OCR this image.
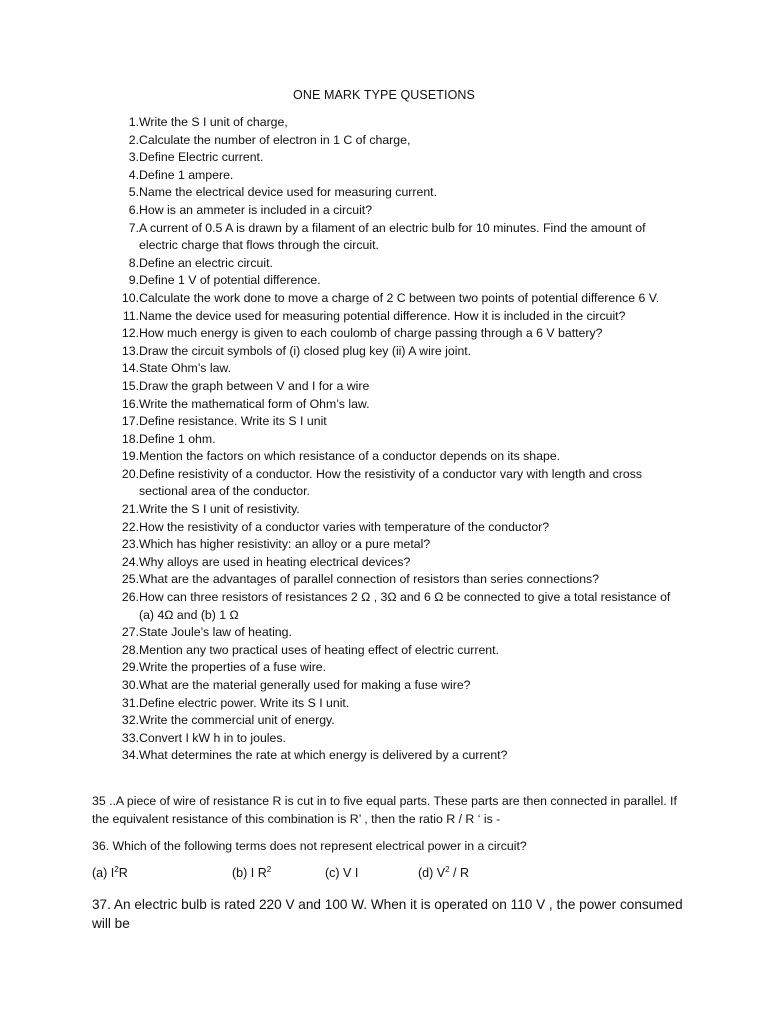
ONE MARK TYPE QUSETIONS
1. Write the S I unit of charge,
2. Calculate the number of electron in 1 C of charge,
3. Define Electric current.
4. Define 1 ampere.
5. Name the electrical device used for measuring current.
6. How is an ammeter is included in a circuit?
7. A current of 0.5 A is drawn by a filament of an electric bulb for 10 minutes. Find the amount of electric charge that flows through the circuit.
8. Define an electric circuit.
9. Define 1 V of potential difference.
10. Calculate the work done to move a charge of 2 C between two points of potential difference 6 V.
11. Name the device used for measuring potential difference. How it is included in the circuit?
12. How much energy is given to each coulomb of charge passing through a 6 V battery?
13. Draw the circuit symbols of (i) closed plug key (ii) A wire joint.
14. State Ohm’s law.
15. Draw the graph between V and I for a wire
16. Write the mathematical form of Ohm’s law.
17. Define resistance. Write its S I unit
18. Define 1 ohm.
19. Mention the factors on which resistance of a conductor depends on its shape.
20. Define resistivity of a conductor. How the resistivity of a conductor vary with length and cross sectional area of the conductor.
21. Write the S I unit of resistivity.
22. How the resistivity of a conductor varies with temperature of the conductor?
23. Which has higher resistivity: an alloy or a pure metal?
24. Why alloys are used in heating electrical devices?
25. What are the advantages of parallel connection of resistors than series connections?
26. How can three resistors of resistances 2 Ω , 3Ω and 6 Ω be connected to give a total resistance of (a) 4Ω and (b) 1 Ω
27. State Joule’s law of heating.
28. Mention any two practical uses of heating effect of electric current.
29. Write the properties of a fuse wire.
30. What are the material generally used for making a fuse wire?
31. Define electric power. Write its S I unit.
32. Write the commercial unit of energy.
33. Convert I kW h in to joules.
34. What determines the rate at which energy is delivered by a current?

35 ..A piece of wire of resistance R is cut in to five equal parts. These parts are then connected in parallel. If the equivalent resistance of this combination is R’ , then the ratio R / R ‘ is -

36. Which of the following terms does not represent electrical power in a circuit?

(a) $I^2R$	(b) I $R^2$	(c) V I	(d) $V^2$ / R

37. An electric bulb is rated 220 V and 100 W. When it is operated on 110 V , the power consumed will be
